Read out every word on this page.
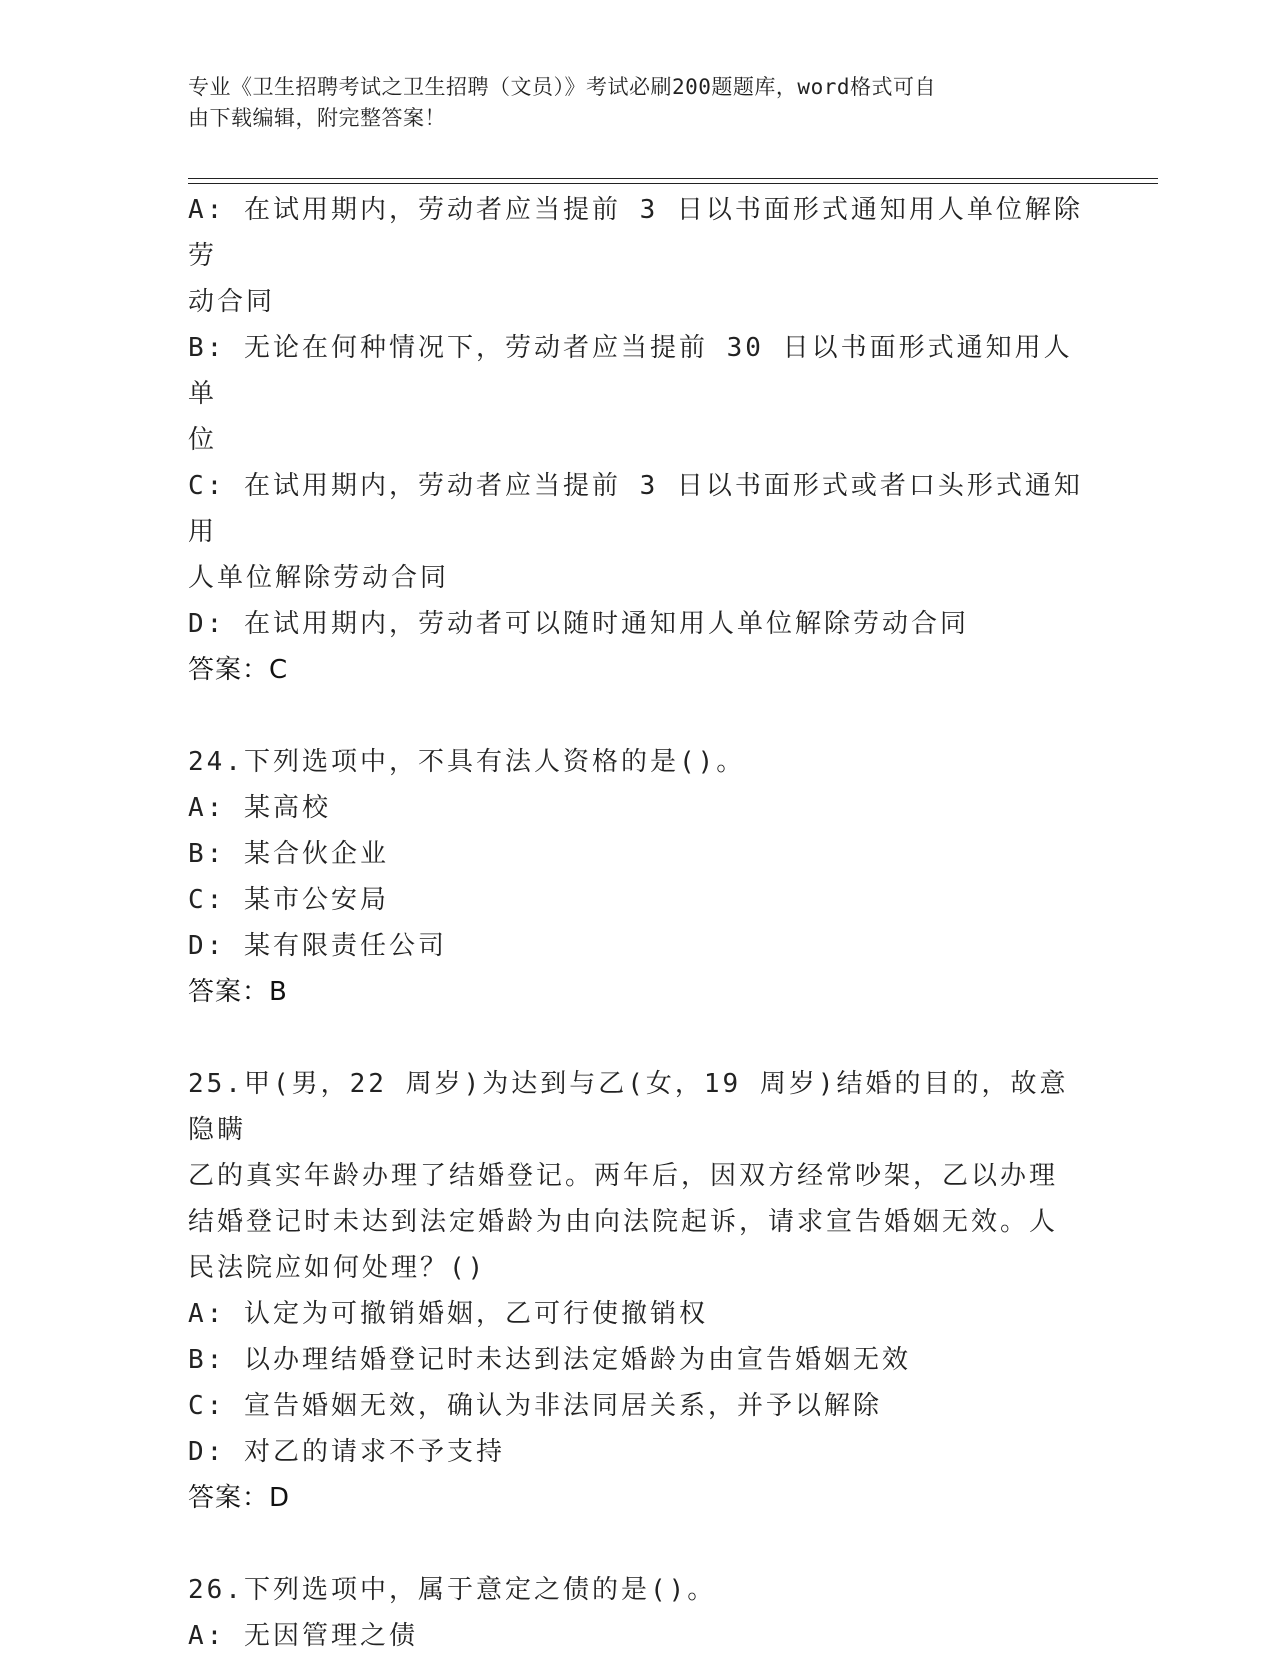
专业《卫生招聘考试之卫生招聘（文员）》考试必刷200题题库，word格式可自
由下载编辑，附完整答案！
A: 在试用期内，劳动者应当提前 3 日以书面形式通知用人单位解除劳
动合同
B: 无论在何种情况下，劳动者应当提前 30 日以书面形式通知用人单
位
C: 在试用期内，劳动者应当提前 3 日以书面形式或者口头形式通知用
人单位解除劳动合同
D: 在试用期内，劳动者可以随时通知用人单位解除劳动合同
答案：C
24.下列选项中，不具有法人资格的是()。
A: 某高校
B: 某合伙企业
C: 某市公安局
D: 某有限责任公司
答案：B
25.甲(男，22 周岁)为达到与乙(女，19 周岁)结婚的目的，故意隐瞒
乙的真实年龄办理了结婚登记。两年后，因双方经常吵架，乙以办理
结婚登记时未达到法定婚龄为由向法院起诉，请求宣告婚姻无效。人
民法院应如何处理？()
A: 认定为可撤销婚姻，乙可行使撤销权
B: 以办理结婚登记时未达到法定婚龄为由宣告婚姻无效
C: 宣告婚姻无效，确认为非法同居关系，并予以解除
D: 对乙的请求不予支持
答案：D
26.下列选项中，属于意定之债的是()。
A: 无因管理之债
